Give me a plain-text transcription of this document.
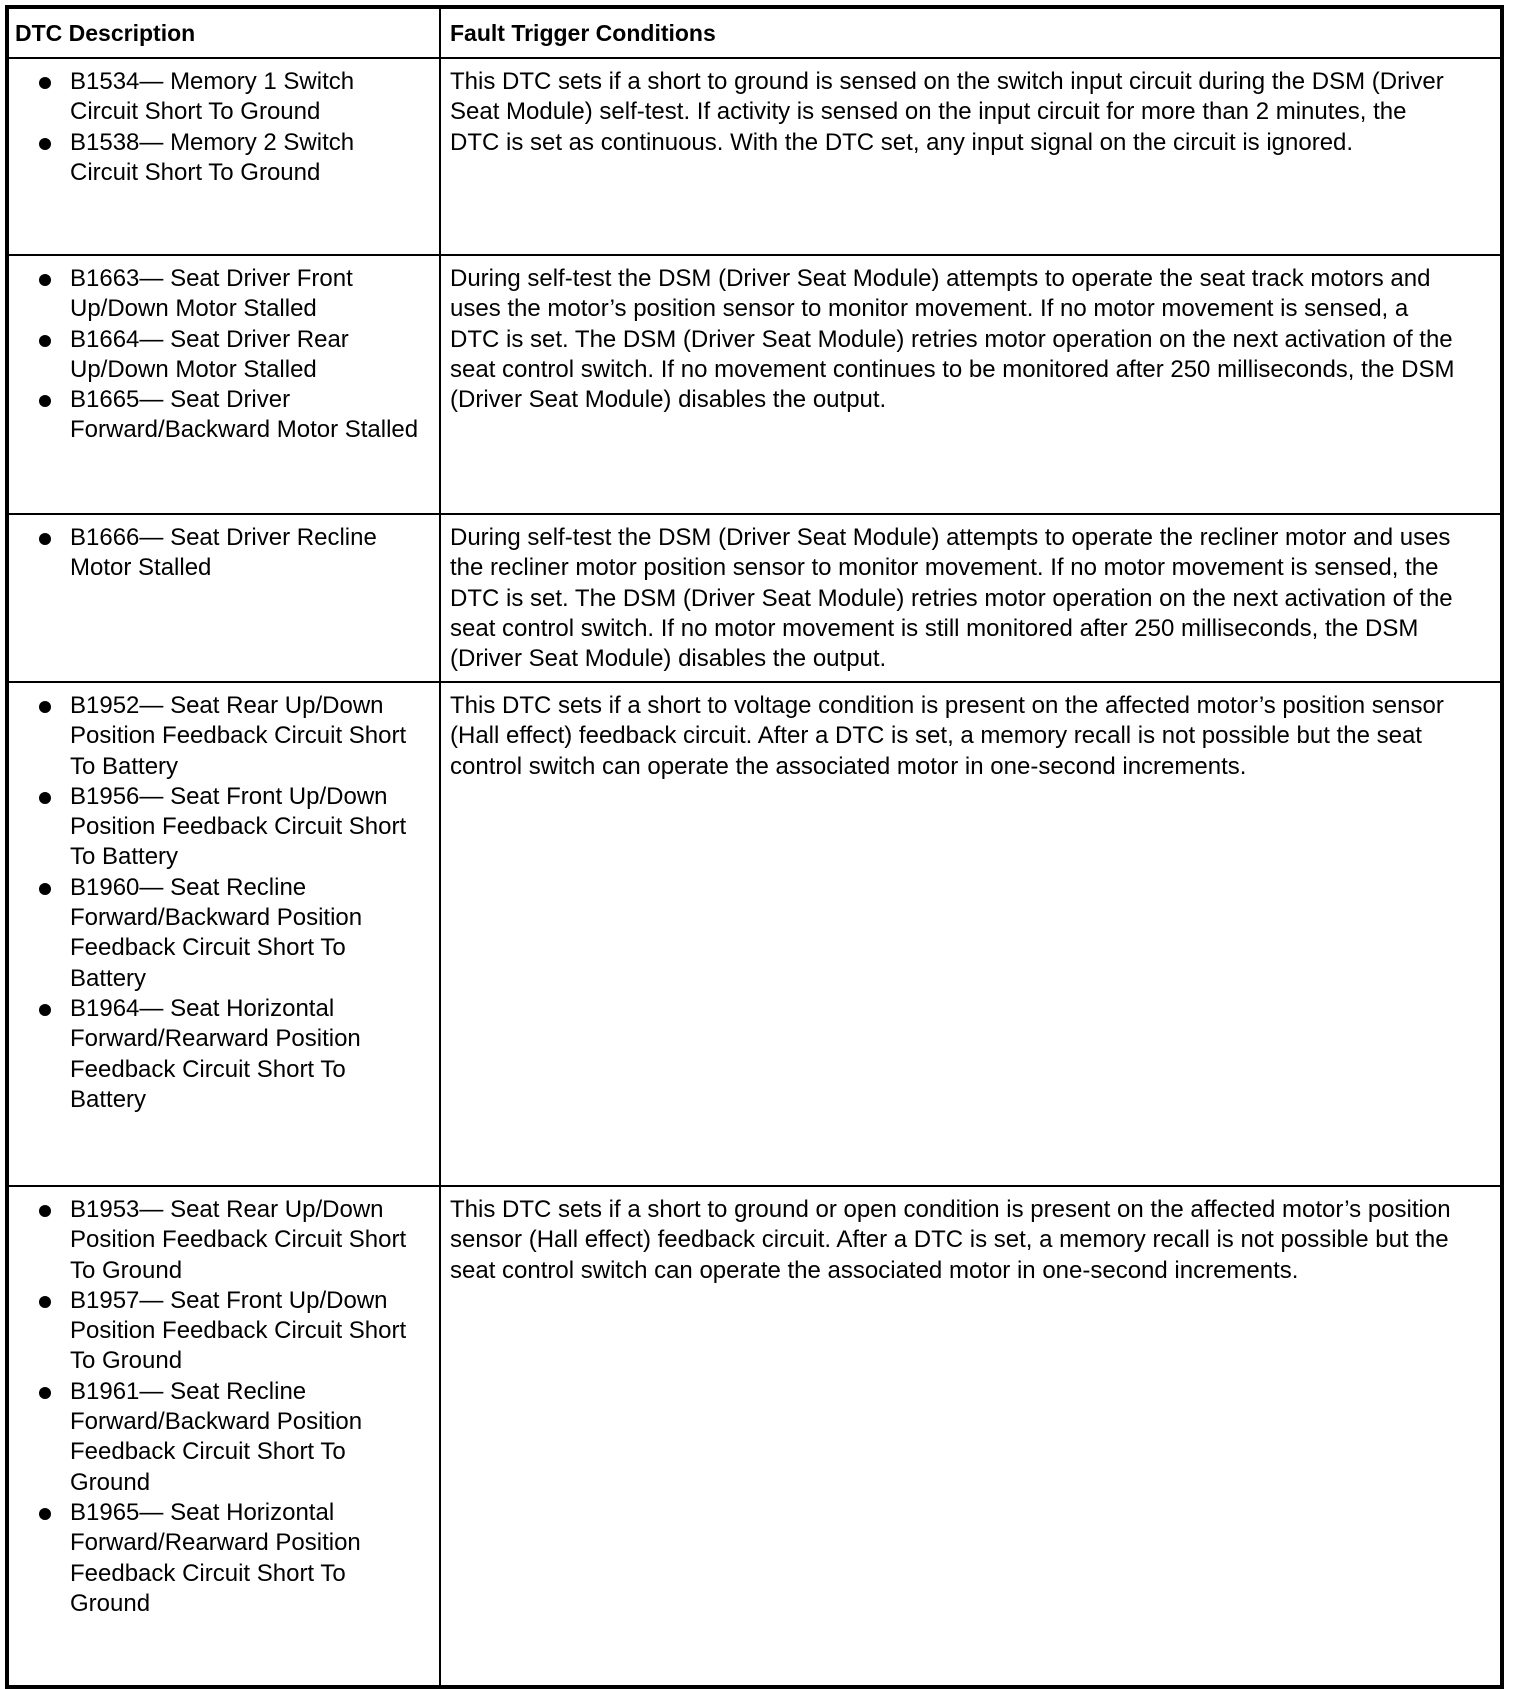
DTC Description	Fault Trigger Conditions
B1534— Memory 1 Switch
Circuit Short To Ground
B1538— Memory 2 Switch
Circuit Short To Ground
This DTC sets if a short to ground is sensed on the switch input circuit during the DSM (Driver
Seat Module) self-test. If activity is sensed on the input circuit for more than 2 minutes, the
DTC is set as continuous. With the DTC set, any input signal on the circuit is ignored.
B1663— Seat Driver Front
Up/Down Motor Stalled
B1664— Seat Driver Rear
Up/Down Motor Stalled
B1665— Seat Driver
Forward/Backward Motor Stalled
During self-test the DSM (Driver Seat Module) attempts to operate the seat track motors and
uses the motor’s position sensor to monitor movement. If no motor movement is sensed, a
DTC is set. The DSM (Driver Seat Module) retries motor operation on the next activation of the
seat control switch. If no movement continues to be monitored after 250 milliseconds, the DSM
(Driver Seat Module) disables the output.
B1666— Seat Driver Recline
Motor Stalled
During self-test the DSM (Driver Seat Module) attempts to operate the recliner motor and uses
the recliner motor position sensor to monitor movement. If no motor movement is sensed, the
DTC is set. The DSM (Driver Seat Module) retries motor operation on the next activation of the
seat control switch. If no motor movement is still monitored after 250 milliseconds, the DSM
(Driver Seat Module) disables the output.
B1952— Seat Rear Up/Down
Position Feedback Circuit Short
To Battery
B1956— Seat Front Up/Down
Position Feedback Circuit Short
To Battery
B1960— Seat Recline
Forward/Backward Position
Feedback Circuit Short To
Battery
B1964— Seat Horizontal
Forward/Rearward Position
Feedback Circuit Short To
Battery
This DTC sets if a short to voltage condition is present on the affected motor’s position sensor
(Hall effect) feedback circuit. After a DTC is set, a memory recall is not possible but the seat
control switch can operate the associated motor in one-second increments.
B1953— Seat Rear Up/Down
Position Feedback Circuit Short
To Ground
B1957— Seat Front Up/Down
Position Feedback Circuit Short
To Ground
B1961— Seat Recline
Forward/Backward Position
Feedback Circuit Short To
Ground
B1965— Seat Horizontal
Forward/Rearward Position
Feedback Circuit Short To
Ground
This DTC sets if a short to ground or open condition is present on the affected motor’s position
sensor (Hall effect) feedback circuit. After a DTC is set, a memory recall is not possible but the
seat control switch can operate the associated motor in one-second increments.
